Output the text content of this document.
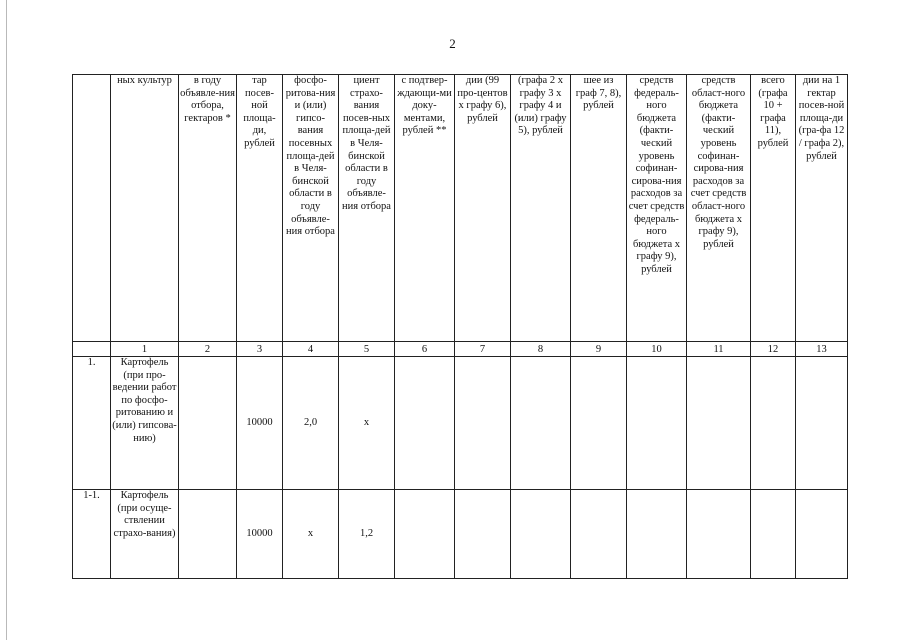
2
	ных культур	в году объявле-ния отбора, гектаров *	тар посев-ной площа-ди, рублей	фосфо-ритова-ния и (или) гипсо-вания посевных площа-дей в Челя-бинской области в году объявле-ния отбора	циент страхо-вания посев-ных площа-дей в Челя-бинской области в году объявле-ния отбора	с подтвер-ждающи-ми доку-ментами, рублей **	дии (99 про-центов х графу 6), рублей	(графа 2 х графу 3 х графу 4 и (или) графу 5), рублей	шее из граф 7, 8), рублей	средств федераль-ного бюджета (факти-ческий уровень софинан-сирова-ния расходов за счет средств федераль-ного бюджета х графу 9), рублей	средств област-ного бюджета (факти-ческий уровень софинан-сирова-ния расходов за счет средств област-ного бюджета х графу 9), рублей	всего (графа 10 + графа 11), рублей	дии на 1 гектар посев-ной площа-ди (гра-фа 12 / графа 2), рублей
	1	2	3	4	5	6	7	8	9	10	11	12	13
1.	Картофель (при про-ведении работ по фосфо-ритованию и (или) гипсова-нию)		10000	2,0	х								
1-1.	Картофель (при осуще-ствлении страхо-вания)		10000	х	1,2								
